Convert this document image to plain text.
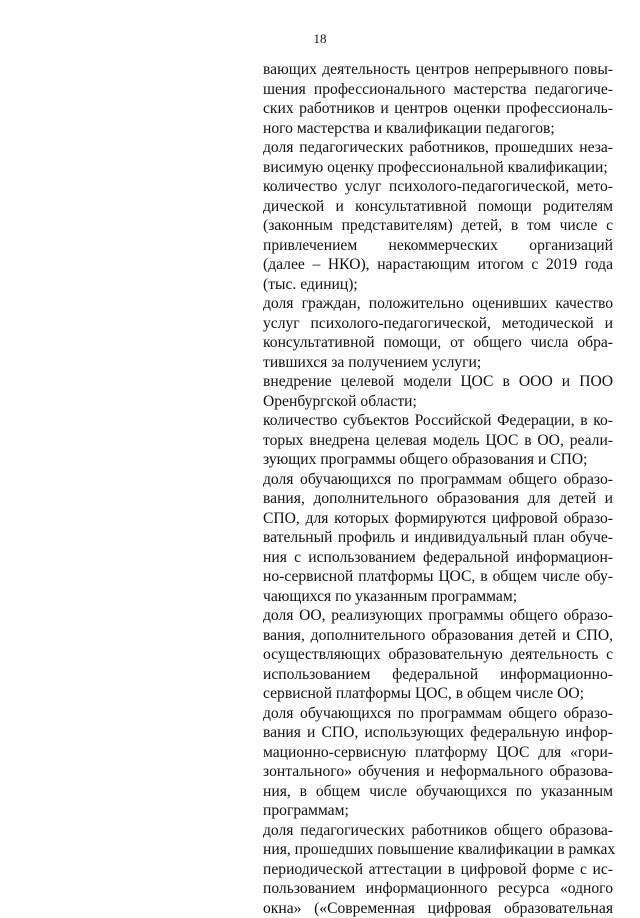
18
вающих деятельность центров непрерывного повы-
шения профессионального мастерства педагогиче-
ских работников и центров оценки профессиональ-
ного мастерства и квалификации педагогов;
доля педагогических работников, прошедших неза-
висимую оценку профессиональной квалификации;
количество услуг психолого-педагогической, мето-
дической и консультативной помощи родителям
(законным представителям) детей, в том числе с
привлечением некоммерческих организаций
(далее – НКО), нарастающим итогом с 2019 года
(тыс. единиц);
доля граждан, положительно оценивших качество
услуг психолого-педагогической, методической и
консультативной помощи, от общего числа обра-
тившихся за получением услуги;
внедрение целевой модели ЦОС в ООО и ПОО
Оренбургской области;
количество субъектов Российской Федерации, в ко-
торых внедрена целевая модель ЦОС в ОО, реали-
зующих программы общего образования и СПО;
доля обучающихся по программам общего образо-
вания, дополнительного образования для детей и
СПО, для которых формируются цифровой образо-
вательный профиль и индивидуальный план обуче-
ния с использованием федеральной информацион-
но-сервисной платформы ЦОС, в общем числе обу-
чающихся по указанным программам;
доля ОО, реализующих программы общего образо-
вания, дополнительного образования детей и СПО,
осуществляющих образовательную деятельность с
использованием федеральной информационно-
сервисной платформы ЦОС, в общем числе ОО;
доля обучающихся по программам общего образо-
вания и СПО, использующих федеральную инфор-
мационно-сервисную платформу ЦОС для «гори-
зонтального» обучения и неформального образова-
ния, в общем числе обучающихся по указанным
программам;
доля педагогических работников общего образова-
ния, прошедших повышение квалификации в рамках
периодической аттестации в цифровой форме с ис-
пользованием информационного ресурса «одного
окна» («Современная цифровая образовательная
